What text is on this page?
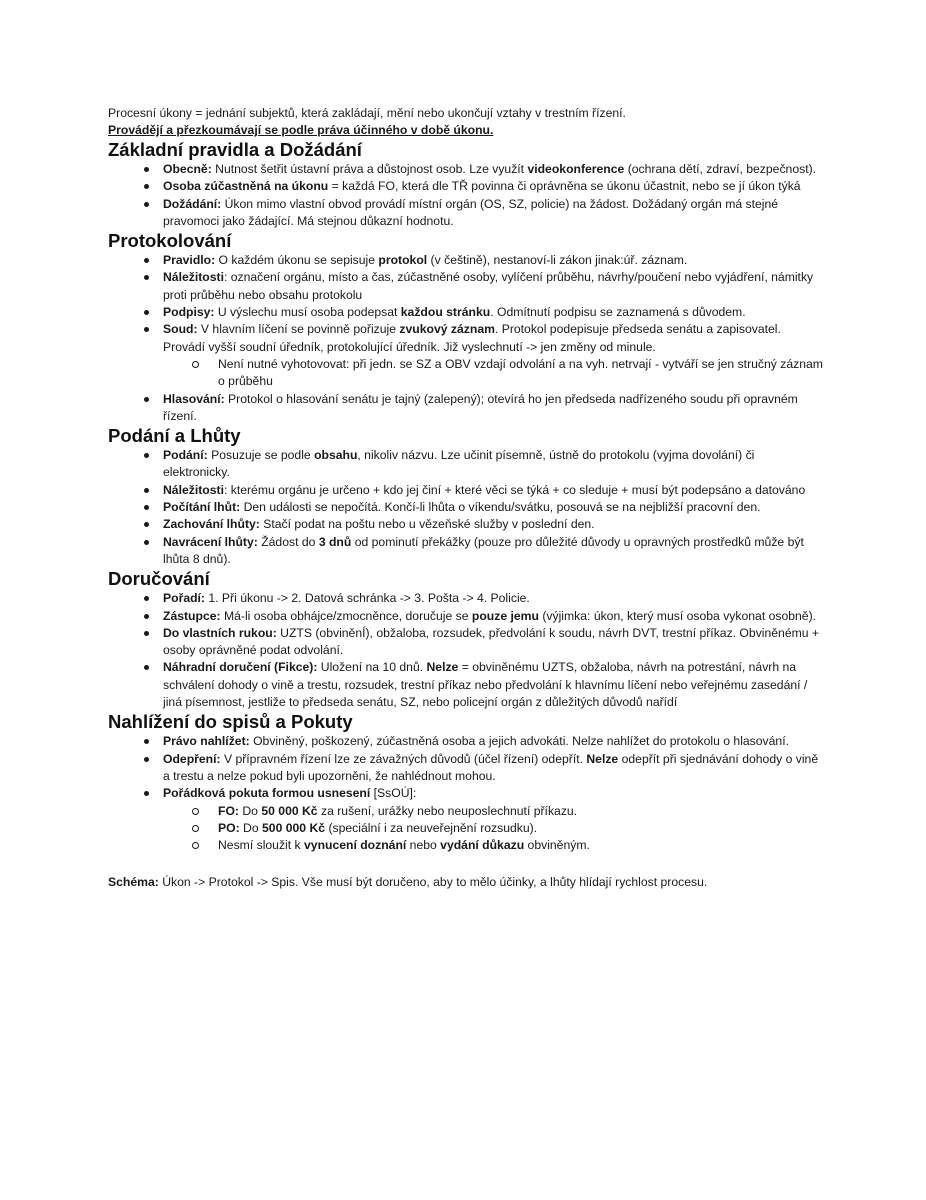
Procesní úkony = jednání subjektů, která zakládají, mění nebo ukončují vztahy v trestním řízení.

Provádějí a přezkoumávají se podle práva účinného v době úkonu.

Základní pravidla a Dožádání
Obecně: Nutnost šetřit ústavní práva a důstojnost osob. Lze využít videokonference (ochrana dětí, zdraví, bezpečnost).
Osoba zúčastněná na úkonu = každá FO, která dle TŘ povinna či oprávněna se úkonu účastnit, nebo se jí úkon týká
Dožádání: Úkon mimo vlastní obvod provádí místní orgán (OS, SZ, policie) na žádost. Dožádaný orgán má stejné pravomoci jako žádající. Má stejnou důkazní hodnotu.
Protokolování
Pravidlo: O každém úkonu se sepisuje protokol (v češtině), nestanoví-li zákon jinak:úř. záznam.
Náležitosti: označení orgánu, místo a čas, zúčastněné osoby, vylíčení průběhu, návrhy/poučení nebo vyjádření, námitky proti průběhu nebo obsahu protokolu
Podpisy: U výslechu musí osoba podepsat každou stránku. Odmítnutí podpisu se zaznamená s důvodem.
Soud: V hlavním líčení se povinně pořizuje zvukový záznam. Protokol podepisuje předseda senátu a zapisovatel. Provádí vyšší soudní úředník, protokolující úředník. Již vyslechnutí -> jen změny od minule.
Není nutné vyhotovovat: při jedn. se SZ a OBV vzdají odvolání a na vyh. netrvají - vytváří se jen stručný záznam o průběhu
Hlasování: Protokol o hlasování senátu je tajný (zalepený); otevírá ho jen předseda nadřízeného soudu při opravném řízení.
Podání a Lhůty
Podání: Posuzuje se podle obsahu, nikoliv názvu. Lze učinit písemně, ústně do protokolu (vyjma dovolání) či elektronicky.
Náležitosti: kterému orgánu je určeno + kdo jej činí + které věci se týká + co sleduje + musí být podepsáno a datováno
Počítání lhůt: Den události se nepočítá. Končí-li lhůta o víkendu/svátku, posouvá se na nejbližší pracovní den.
Zachování lhůty: Stačí podat na poštu nebo u vězeňské služby v poslední den.
Navrácení lhůty: Žádost do 3 dnů od pominutí překážky (pouze pro důležité důvody u opravných prostředků může být lhůta 8 dnů).
Doručování
Pořadí: 1. Při úkonu -> 2. Datová schránka -> 3. Pošta -> 4. Policie.
Zástupce: Má-li osoba obhájce/zmocněnce, doručuje se pouze jemu (výjimka: úkon, který musí osoba vykonat osobně).
Do vlastních rukou: UZTS (obviněnÍ), obžaloba, rozsudek, předvolání k soudu, návrh DVT, trestní příkaz. Obviněnému + osoby oprávněné podat odvolání.
Náhradní doručení (Fikce): Uložení na 10 dnů. Nelze = obviněnému UZTS, obžaloba, návrh na potrestání, návrh na schválení dohody o vině a trestu, rozsudek, trestní příkaz nebo předvolání k hlavnímu líčení nebo veřejnému zasedání / jiná písemnost, jestliže to předseda senátu, SZ, nebo policejní orgán z důležitých důvodů nařídí
Nahlížení do spisů a Pokuty
Právo nahlížet: Obviněný, poškozený, zúčastněná osoba a jejich advokáti. Nelze nahlížet do protokolu o hlasování.
Odepření: V přípravném řízení lze ze závažných důvodů (účel řízení) odepřít. Nelze odepřít při sjednávání dohody o vině a trestu a nelze pokud byli upozorněni, že nahlédnout mohou.
Pořádková pokuta formou usnesení [SsOÚ]:
FO: Do 50 000 Kč za rušení, urážky nebo neuposlechnutí příkazu.
PO: Do 500 000 Kč (speciální i za neuveřejnění rozsudku).
Nesmí sloužit k vynucení doznání nebo vydání důkazu obviněným.

Schéma: Úkon -> Protokol -> Spis. Vše musí být doručeno, aby to mělo účinky, a lhůty hlídají rychlost procesu.
